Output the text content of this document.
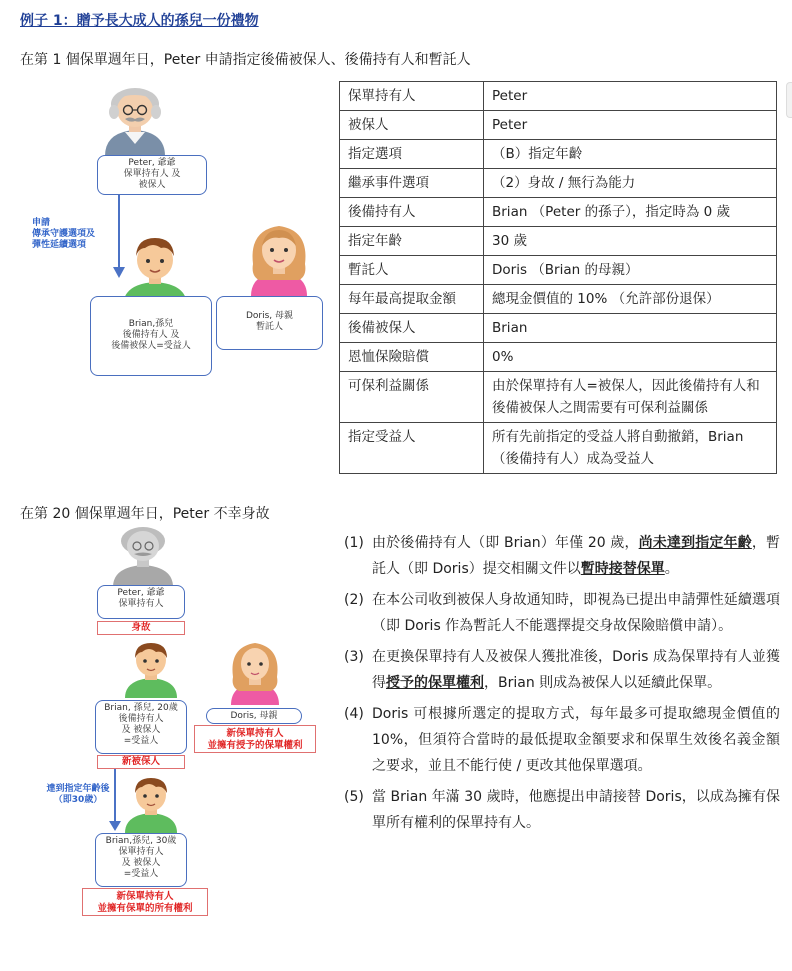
例子 1：贈予長大成人的孫兒一份禮物
在第 1 個保單週年日，Peter 申請指定後備被保人、後備持有人和暫託人
在第 20 個保單週年日，Peter 不幸身故
Peter, 爺爺
保單持有人 及
被保人
申請
傳承守護選項及
彈性延續選項
Brian,孫兒
後備持有人 及
後備被保人=受益人
Doris, 母親
暫託人
保單持有人	Peter
被保人	Peter
指定選項	（B）指定年齡
繼承事件選項	（2）身故 / 無行為能力
後備持有人	Brian （Peter 的孫子），指定時為 0 歲
指定年齡	30 歲
暫託人	Doris （Brian 的母親）
每年最高提取金額	總現金價值的 10% （允許部份退保）
後備被保人	Brian
恩恤保險賠償	0%
可保利益關係	由於保單持有人=被保人，因此後備持有人和後備被保人之間需要有可保利益關係
指定受益人	所有先前指定的受益人將自動撤銷，Brian （後備持有人）成為受益人
Peter, 爺爺
保單持有人
身故
Brian, 孫兒, 20歲
後備持有人
及 被保人
=受益人
新被保人
Doris, 母親
新保單持有人
並擁有授予的保單權利
達到指定年齡後
（即30歲）
Brian,孫兒, 30歲
保單持有人
及 被保人
=受益人
新保單持有人
並擁有保單的所有權利
(1) 由於後備持有人（即 Brian）年僅 20 歲，尚未達到指定年齡，暫託人（即 Doris）提交相關文件以暫時接替保單。
(2) 在本公司收到被保人身故通知時，即視為已提出申請彈性延續選項（即 Doris 作為暫託人不能選擇提交身故保險賠償申請）。
(3) 在更換保單持有人及被保人獲批准後，Doris 成為保單持有人並獲得授予的保單權利，Brian 則成為被保人以延續此保單。
(4) Doris 可根據所選定的提取方式，每年最多可提取總現金價值的 10%，但須符合當時的最低提取金額要求和保單生效後名義金額之要求，並且不能行使 / 更改其他保單選項。
(5) 當 Brian 年滿 30 歲時，他應提出申請接替 Doris，以成為擁有保單所有權利的保單持有人。
